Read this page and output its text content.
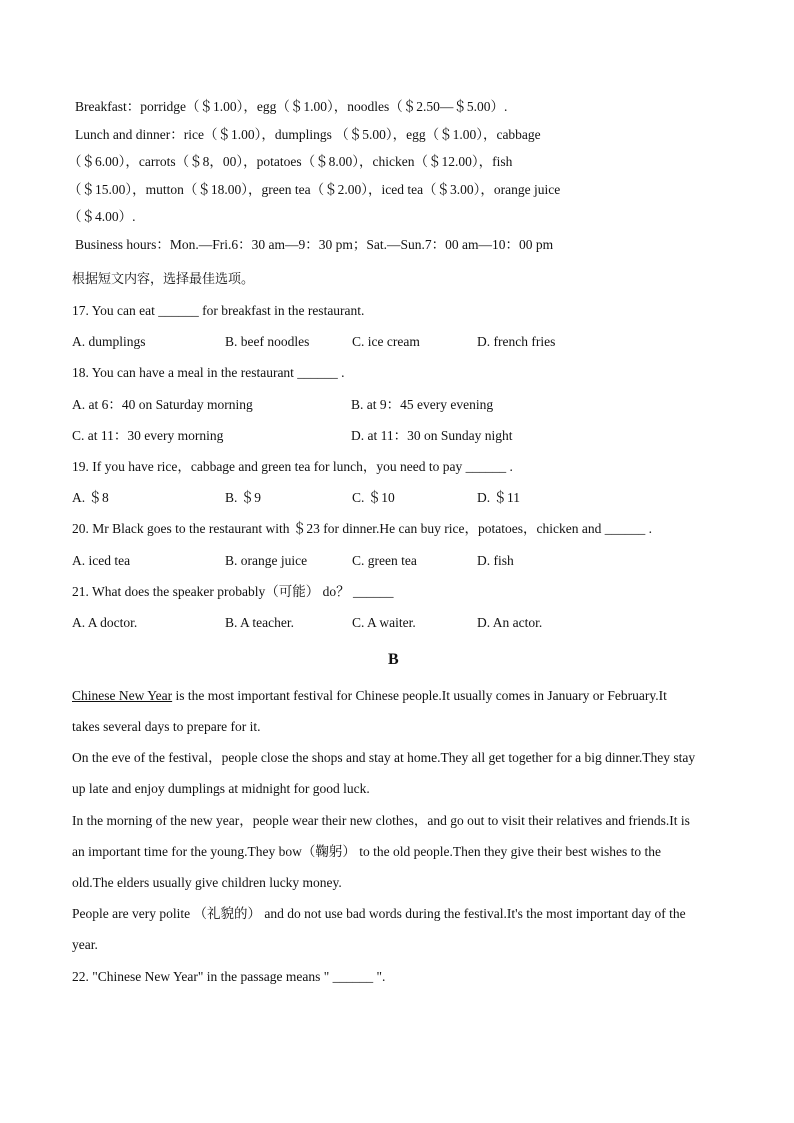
Breakfast：porridge（＄1.00），egg（＄1.00），noodles（＄2.50—＄5.00）.
Lunch and dinner：rice（＄1.00），dumplings （＄5.00），egg（＄1.00），cabbage
（＄6.00），carrots（＄8，00），potatoes（＄8.00），chicken（＄12.00），fish
（＄15.00），mutton（＄18.00），green tea（＄2.00），iced tea（＄3.00），orange juice
（＄4.00）.
Business hours：Mon.—Fri.6：30 am—9：30 pm；Sat.—Sun.7：00 am—10：00 pm
根据短文内容，选择最佳选项。
17. You can eat ______ for breakfast in the restaurant.
A. dumplings	B. beef noodles	C. ice cream	D. french fries
18. You can have a meal in the restaurant ______ .
A. at 6：40 on Saturday morning	B. at 9：45 every evening
C. at 11：30 every morning	D. at 11：30 on Sunday night
19. If you have rice，cabbage and green tea for lunch，you need to pay ______ .
A. ＄8	B. ＄9	C. ＄10	D. ＄11
20. Mr Black goes to the restaurant with ＄23 for dinner.He can buy rice，potatoes，chicken and ______ .
A. iced tea	B. orange juice	C. green tea	D. fish
21. What does the speaker probably（可能） do？ ______
A. A doctor.	B. A teacher.	C. A waiter.	D. An actor.
B
Chinese New Year is the most important festival for Chinese people.It usually comes in January or February.It
takes several days to prepare for it.
On the eve of the festival，people close the shops and stay at home.They all get together for a big dinner.They stay
up late and enjoy dumplings at midnight for good luck.
In the morning of the new year，people wear their new clothes，and go out to visit their relatives and friends.It is
an important time for the young.They bow（鞠躬） to the old people.Then they give their best wishes to the
old.The elders usually give children lucky money.
People are very polite （礼貌的） and do not use bad words during the festival.It's the most important day of the
year.
22. "Chinese New Year" in the passage means " ______ ".
